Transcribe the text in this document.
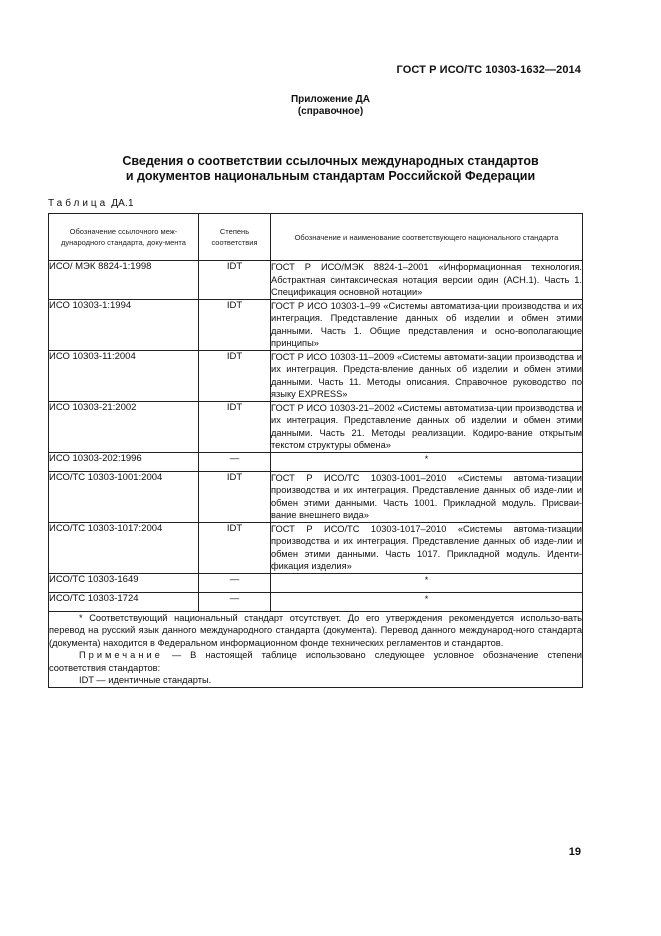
ГОСТ Р ИСО/ТС 10303-1632—2014
Приложение ДА
(справочное)
Сведения о соответствии ссылочных международных стандартов
и документов национальным стандартам Российской Федерации
Таблица ДА.1
Обозначение ссылочного меж-дународного стандарта, доку-мента	Степень соответствия	Обозначение и наименование соответствующего национального стандарта
ИСО/ МЭК 8824-1:1998	IDT	ГОСТ Р ИСО/МЭК 8824-1–2001 «Информационная технология. Абстрактная синтаксическая нотация версии один (АСН.1). Часть 1. Спецификация основной нотации»
ИСО 10303-1:1994	IDT	ГОСТ Р ИСО 10303-1–99 «Системы автоматиза-ции производства и их интеграция. Представление данных об изделии и обмен этими данными. Часть 1. Общие представления и осно-вополагающие принципы»
ИСО 10303-11:2004	IDT	ГОСТ Р ИСО 10303-11–2009 «Системы автомати-зации производства и их интеграция. Предста-вление данных об изделии и обмен этими данными. Часть 11. Методы описания. Справочное руководство по языку EXPRESS»
ИСО 10303-21:2002	IDT	ГОСТ Р ИСО 10303-21–2002 «Системы автоматиза-ции производства и их интеграция. Представление данных об изделии и обмен этими данными. Часть 21. Методы реализации. Кодиро-вание открытым текстом структуры обмена»
ИСО 10303-202:1996	—	*
ИСО/ТС 10303-1001:2004	IDT	ГОСТ Р ИСО/ТС 10303-1001–2010 «Системы автома-тизации производства и их интеграция. Представление данных об изде-лии и обмен этими данными. Часть 1001. Прикладной модуль. Присваи-вание внешнего вида»
ИСО/ТС 10303-1017:2004	IDT	ГОСТ Р ИСО/ТС 10303-1017–2010 «Системы автома-тизации производства и их интеграция. Представление данных об изде-лии и обмен этими данными. Часть 1017. Прикладной модуль. Иденти-фикация изделия»
ИСО/ТС 10303-1649	—	*
ИСО/ТС 10303-1724	—	*

* Соответствующий национальный стандарт отсутствует. До его утверждения рекомендуется использо-вать перевод на русский язык данного международного стандарта (документа). Перевод данного международ-ного стандарта (документа) находится в Федеральном информационном фонде технических регламентов и стандартов.

Примечание — В настоящей таблице использовано следующее условное обозначение степени соответствия стандартов:

IDT — идентичные стандарты.		

19
